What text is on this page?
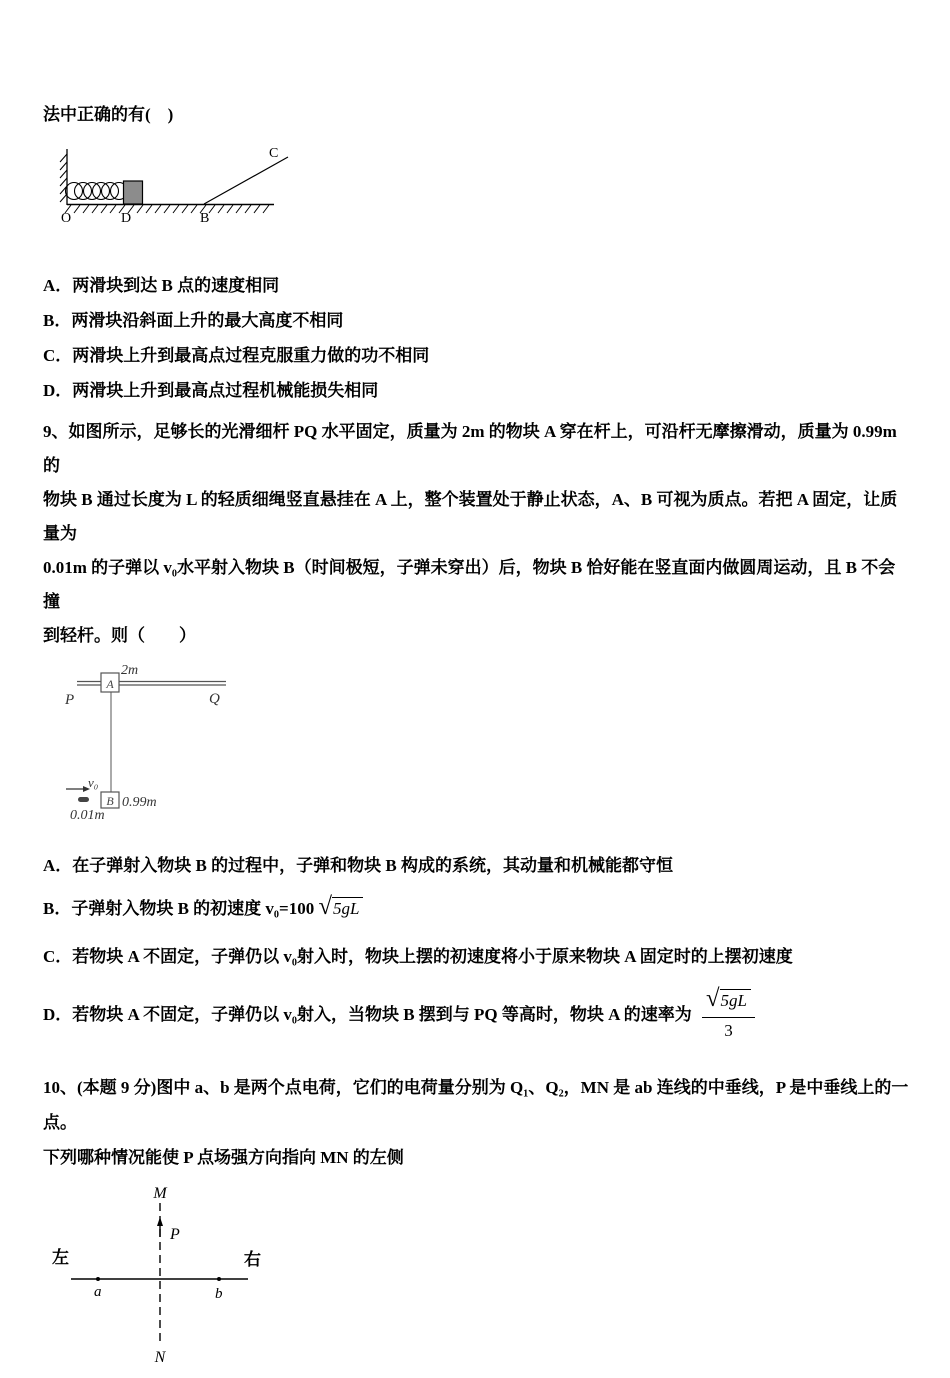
法中正确的有(　)
O	D	B
C
A．两滑块到达 B 点的速度相同
B．两滑块沿斜面上升的最大高度不相同
C．两滑块上升到最高点过程克服重力做的功不相同
D．两滑块上升到最高点过程机械能损失相同
9、如图所示，足够长的光滑细杆 PQ 水平固定，质量为 2m 的物块 A 穿在杆上，可沿杆无摩擦滑动，质量为 0.99m 的
物块 B 通过长度为 L 的轻质细绳竖直悬挂在 A 上，整个装置处于静止状态，A、B 可视为质点。若把 A 固定，让质量为
0.01m 的子弹以 v₀水平射入物块 B（时间极短，子弹未穿出）后，物块 B 恰好能在竖直面内做圆周运动，且 B 不会撞
到轻杆。则（　　）
A
2m
P	Q
B 0.99m
v₀
0.01m
A．在子弹射入物块 B 的过程中，子弹和物块 B 构成的系统，其动量和机械能都守恒
B．子弹射入物块 B 的初速度 v₀=100 √5gL
C．若物块 A 不固定，子弹仍以 v₀射入时，物块上摆的初速度将小于原来物块 A 固定时的上摆初速度
D．若物块 A 不固定，子弹仍以 v₀射入，当物块 B 摆到与 PQ 等高时，物块 A 的速率为 $\frac{√5gL}{3}$
10、(本题 9 分)图中 a、b 是两个点电荷，它们的电荷量分别为 Q₁、Q₂，MN 是 ab 连线的中垂线，P 是中垂线上的一点。
下列哪种情况能使 P 点场强方向指向 MN 的左侧
M
P
左	右
a	b
N
